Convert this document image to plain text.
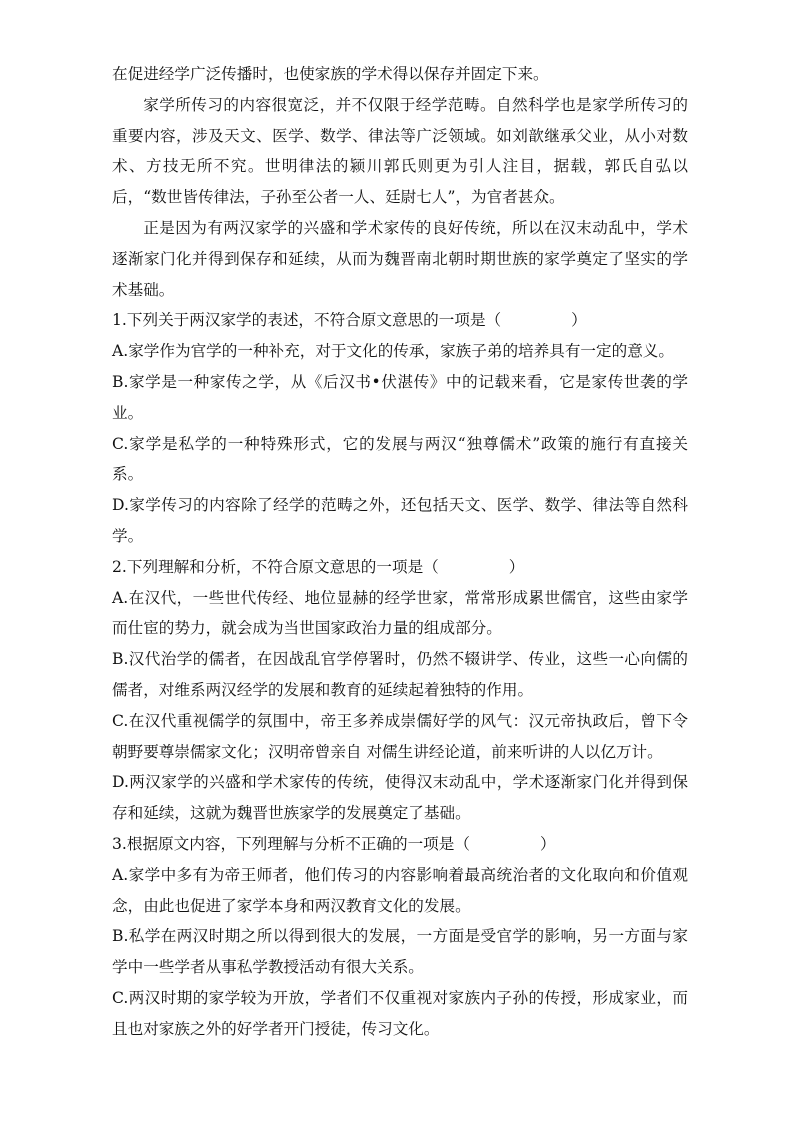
在促进经学广泛传播时，也使家族的学术得以保存并固定下来。

家学所传习的内容很宽泛，并不仅限于经学范畴。自然科学也是家学所传习的重要内容，涉及天文、医学、数学、律法等广泛领域。如刘歆继承父业，从小对数术、方技无所不究。世明律法的颍川郭氏则更为引人注目，据载，郭氏自弘以后，“数世皆传律法，子孙至公者一人、廷尉七人”，为官者甚众。

正是因为有两汉家学的兴盛和学术家传的良好传统，所以在汉末动乱中，学术逐渐家门化并得到保存和延续，从而为魏晋南北朝时期世族的家学奠定了坚实的学术基础。

1.下列关于两汉家学的表述，不符合原文意思的一项是（	）

A.家学作为官学的一种补充，对于文化的传承，家族子弟的培养具有一定的意义。

B.家学是一种家传之学，从《后汉书•伏湛传》中的记载来看，它是家传世袭的学业。

C.家学是私学的一种特殊形式，它的发展与两汉“独尊儒术”政策的施行有直接关系。

D.家学传习的内容除了经学的范畴之外，还包括天文、医学、数学、律法等自然科学。

2.下列理解和分析，不符合原文意思的一项是（	）

A.在汉代，一些世代传经、地位显赫的经学世家，常常形成累世儒官，这些由家学而仕宦的势力，就会成为当世国家政治力量的组成部分。

B.汉代治学的儒者，在因战乱官学停署时，仍然不辍讲学、传业，这些一心向儒的儒者，对维系两汉经学的发展和教育的延续起着独特的作用。

C.在汉代重视儒学的氛围中，帝王多养成崇儒好学的风气：汉元帝执政后，曾下令朝野要尊崇儒家文化；汉明帝曾亲自 对儒生讲经论道，前来听讲的人以亿万计。

D.两汉家学的兴盛和学术家传的传统，使得汉末动乱中，学术逐渐家门化并得到保存和延续，这就为魏晋世族家学的发展奠定了基础。

3.根据原文内容，下列理解与分析不正确的一项是（	）

A.家学中多有为帝王师者，他们传习的内容影响着最高统治者的文化取向和价值观念，由此也促进了家学本身和两汉教育文化的发展。

B.私学在两汉时期之所以得到很大的发展，一方面是受官学的影响，另一方面与家学中一些学者从事私学教授活动有很大关系。

C.两汉时期的家学较为开放，学者们不仅重视对家族内子孙的传授，形成家业，而且也对家族之外的好学者开门授徒，传习文化。
